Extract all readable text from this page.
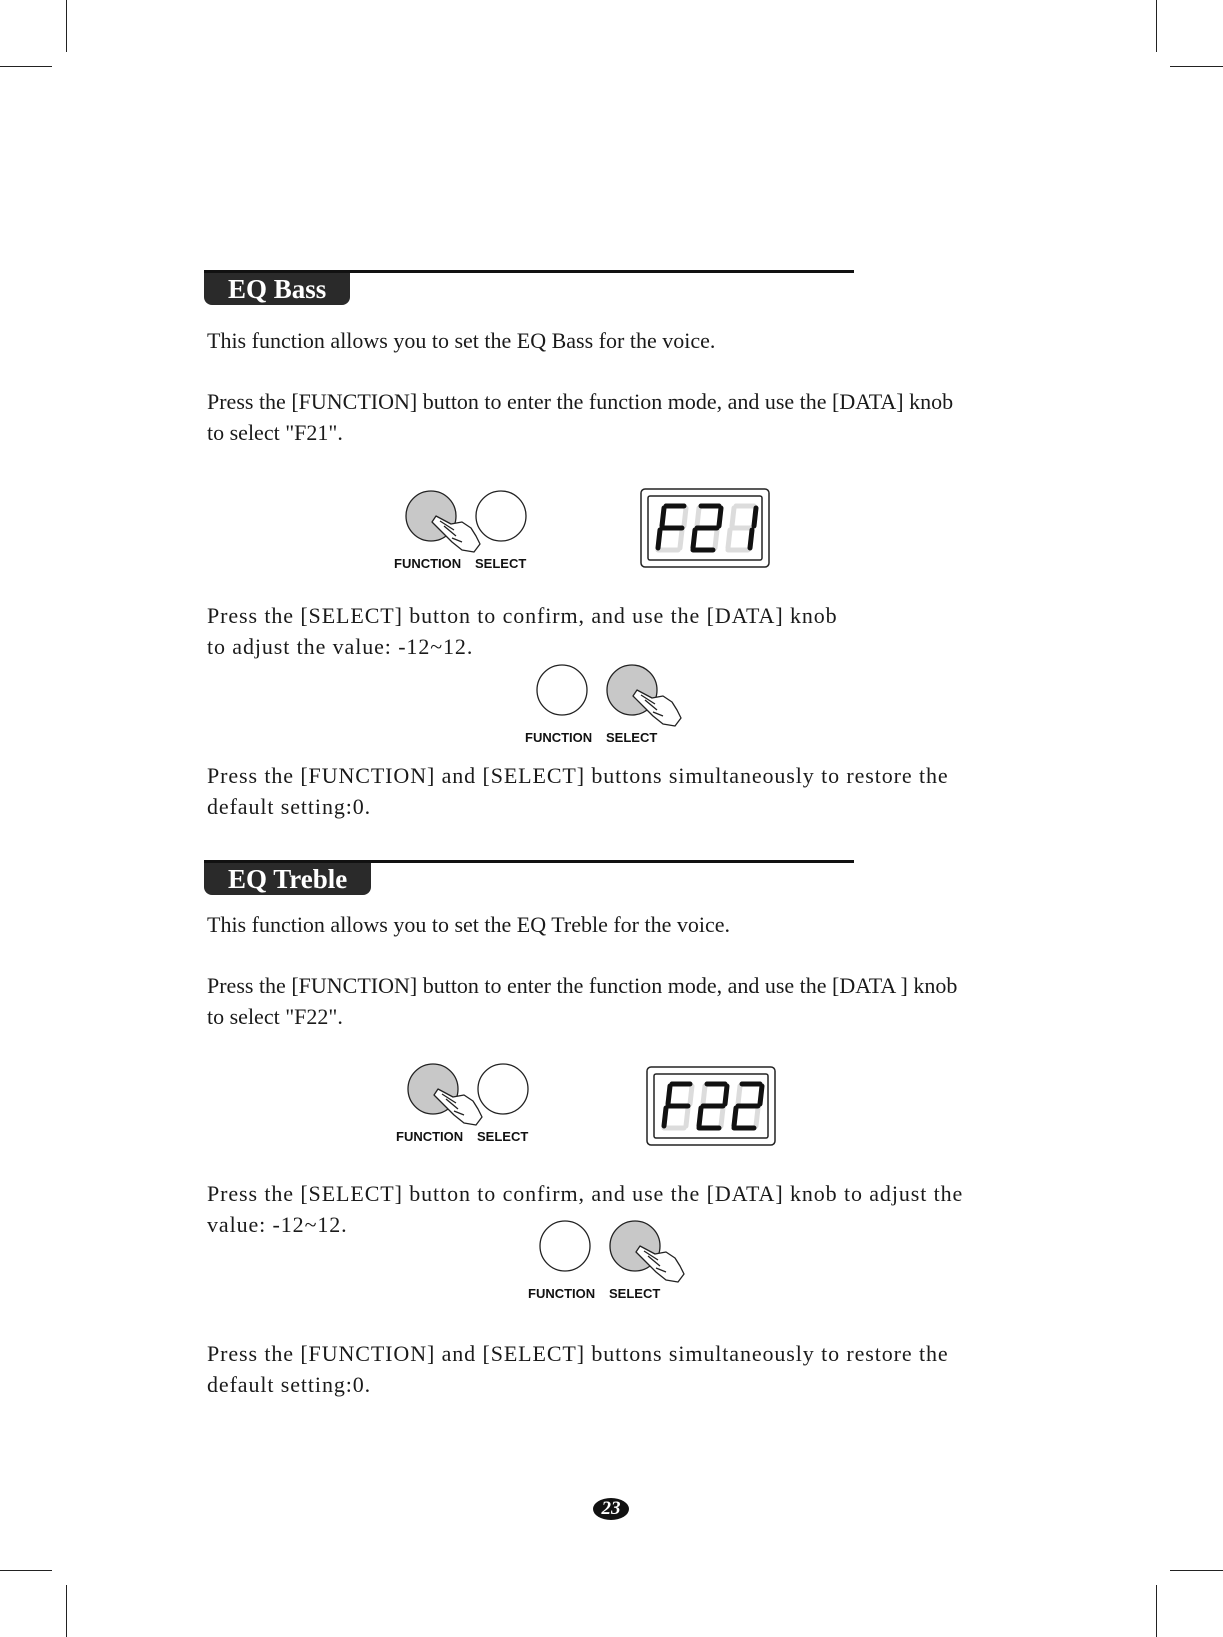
EQ Bass

This function allows you to set the EQ Bass for the voice.

Press the [FUNCTION] button to enter the function mode, and use the [DATA] knob
to select "F21".
FUNCTION SELECT
Press the [SELECT] button to confirm, and use the [DATA] knob
to adjust the value: -12~12.
FUNCTION SELECT
Press the [FUNCTION] and [SELECT] buttons simultaneously to restore the
default setting:0.
EQ Treble

This function allows you to set the EQ Treble for the voice.

Press the [FUNCTION] button to enter the function mode, and use the [DATA ] knob
to select "F22".
FUNCTION SELECT
Press the [SELECT] button to confirm, and use the [DATA] knob to adjust the
value: -12~12.
FUNCTION SELECT
Press the [FUNCTION] and [SELECT] buttons simultaneously to restore the
default setting:0.
23
